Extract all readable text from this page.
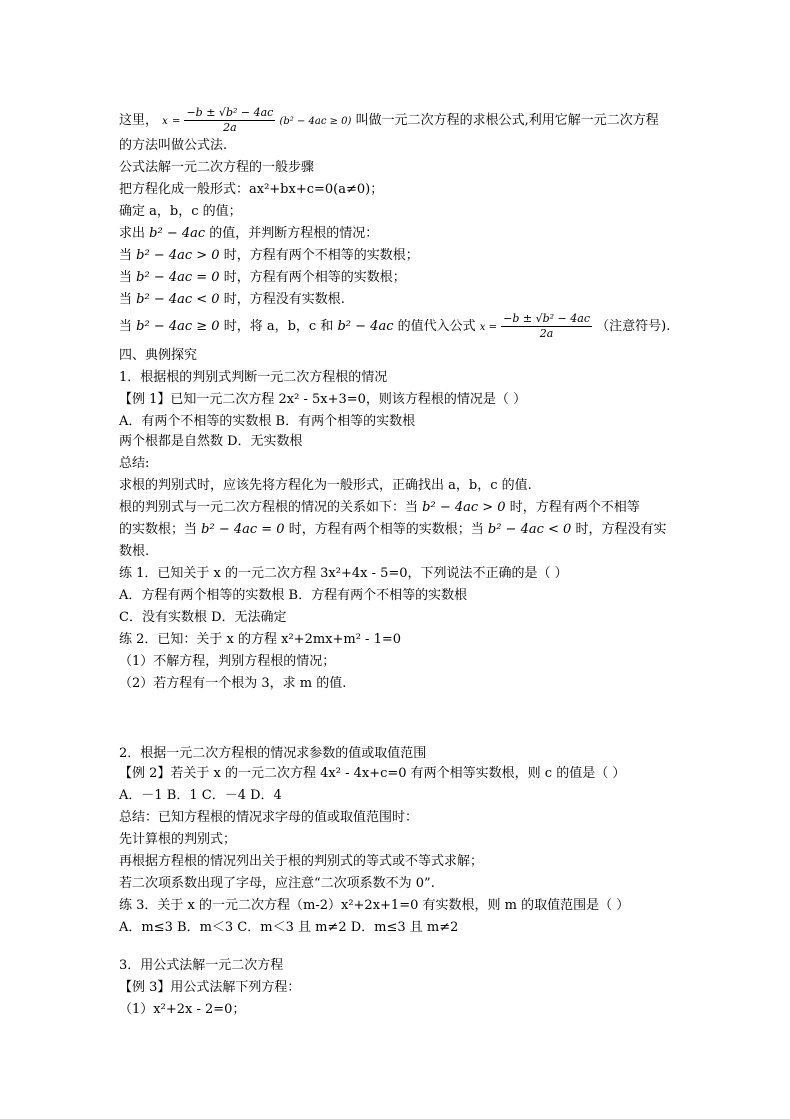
这里， $x = \frac{\text{−b ± √b² − 4ac}}{2a} (b^2 - 4ac \ge 0)$ 叫做一元二次方程的求根公式,利用它解一元二次方程
的方法叫做公式法.
公式法解一元二次方程的一般步骤
把方程化成一般形式：ax²+bx+c=0(a≠0)；
确定 a，b，c 的值；
求出 b² − 4ac 的值，并判断方程根的情况：
当 b² − 4ac > 0 时，方程有两个不相等的实数根；
当 b² − 4ac = 0 时，方程有两个相等的实数根；
当 b² − 4ac < 0 时，方程没有实数根.
当 b² − 4ac ≥ 0 时，将 a，b，c 和 b² − 4ac 的值代入公式 $x = \frac{\text{−b ± √b² − 4ac}}{2a}$ （注意符号).
四、典例探究
1．根据根的判别式判断一元二次方程根的情况
【例 1】已知一元二次方程 2x² - 5x+3=0，则该方程根的情况是（ ）
A．有两个不相等的实数根 B．有两个相等的实数根
两个根都是自然数 D．无实数根
总结:
求根的判别式时，应该先将方程化为一般形式，正确找出 a，b，c 的值.
根的判别式与一元二次方程根的情况的关系如下：当 b² − 4ac > 0 时，方程有两个不相等
的实数根；当 b² − 4ac = 0 时，方程有两个相等的实数根；当 b² − 4ac < 0 时，方程没有实
数根.
练 1．已知关于 x 的一元二次方程 3x²+4x - 5=0，下列说法不正确的是（ ）
A．方程有两个相等的实数根 B．方程有两个不相等的实数根
C．没有实数根 D．无法确定
练 2．已知：关于 x 的方程 x²+2mx+m² - 1=0
（1）不解方程，判别方程根的情况；
（2）若方程有一个根为 3，求 m 的值.
2．根据一元二次方程根的情况求参数的值或取值范围
【例 2】若关于 x 的一元二次方程 4x² - 4x+c=0 有两个相等实数根，则 c 的值是（ ）
A．－1 B．1 C．－4 D．4
总结：已知方程根的情况求字母的值或取值范围时：
先计算根的判别式；
再根据方程根的情况列出关于根的判别式的等式或不等式求解；
若二次项系数出现了字母，应注意“二次项系数不为 0”.
练 3．关于 x 的一元二次方程（m-2）x²+2x+1=0 有实数根，则 m 的取值范围是（ ）
A．m≤3 B．m＜3 C．m＜3 且 m≠2 D．m≤3 且 m≠2
3．用公式法解一元二次方程
【例 3】用公式法解下列方程：
（1）x²+2x - 2=0；
